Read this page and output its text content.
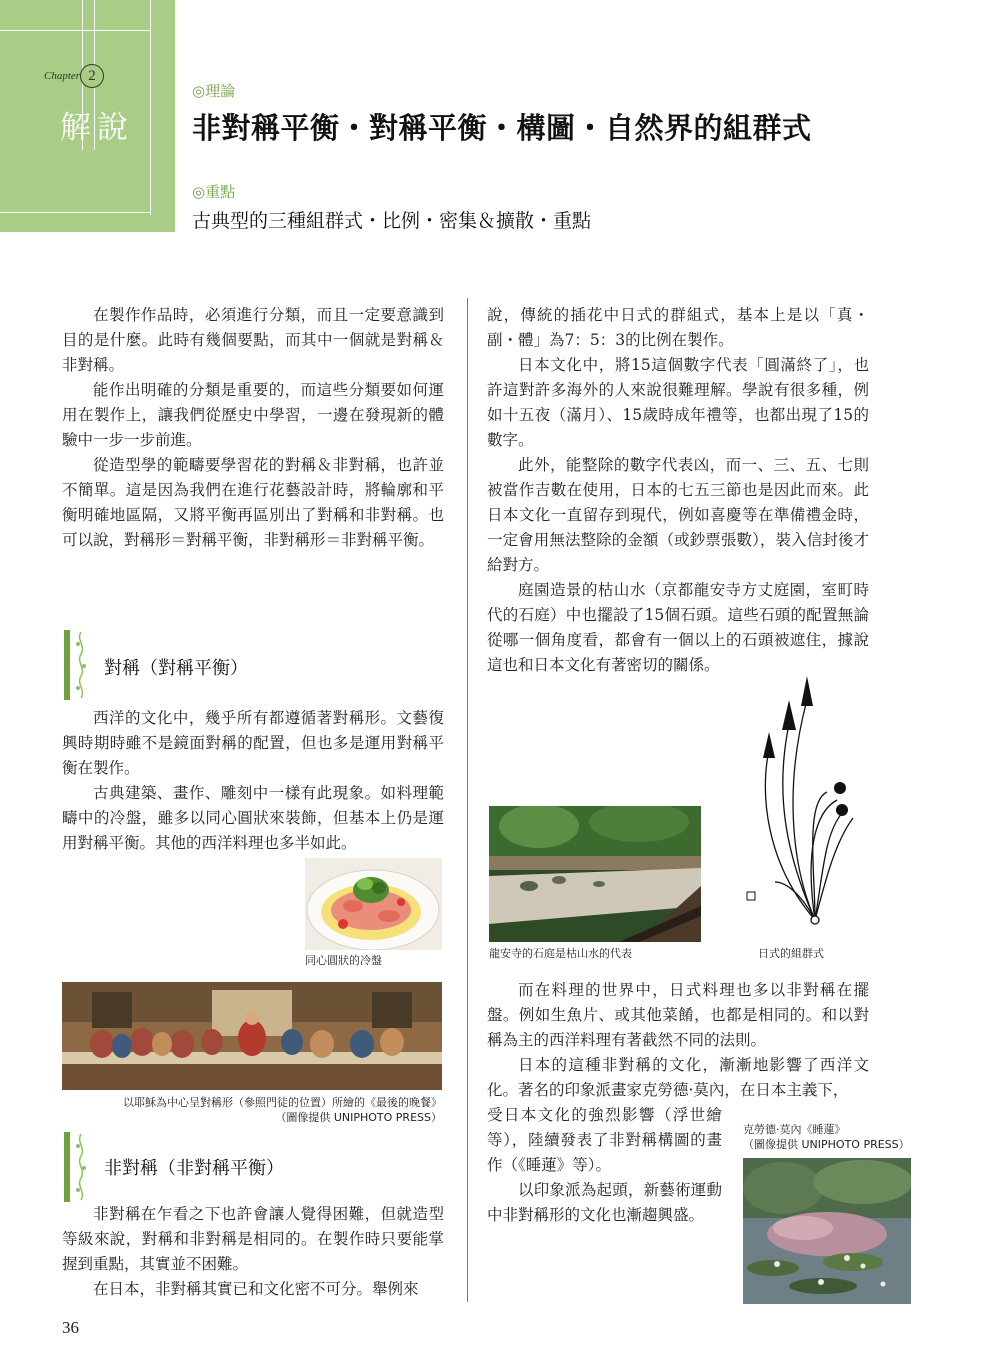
Chapter 2
解說
◎理論
非對稱平衡・對稱平衡・構圖・自然界的組群式
◎重點
古典型的三種組群式・比例・密集＆擴散・重點

在製作作品時，必須進行分類，而且一定要意識到目的是什麼。此時有幾個要點，而其中一個就是對稱＆非對稱。

能作出明確的分類是重要的，而這些分類要如何運用在製作上，讓我們從歷史中學習，一邊在發現新的體驗中一步一步前進。

從造型學的範疇要學習花的對稱＆非對稱，也許並不簡單。這是因為我們在進行花藝設計時，將輪廓和平衡明確地區隔，又將平衡再區別出了對稱和非對稱。也可以說，對稱形＝對稱平衡，非對稱形＝非對稱平衡。

對稱（對稱平衡）

西洋的文化中，幾乎所有都遵循著對稱形。文藝復興時期時雖不是鏡面對稱的配置，但也多是運用對稱平衡在製作。

古典建築、畫作、雕刻中一樣有此現象。如料理範疇中的冷盤，雖多以同心圓狀來裝飾，但基本上仍是運用對稱平衡。其他的西洋料理也多半如此。

同心圓狀的冷盤
以耶穌為中心呈對稱形（參照門徒的位置）所繪的《最後的晚餐》
（圖像提供 UNIPHOTO PRESS）
非對稱（非對稱平衡）

非對稱在乍看之下也許會讓人覺得困難，但就造型等級來說，對稱和非對稱是相同的。在製作時只要能掌握到重點，其實並不困難。

在日本，非對稱其實已和文化密不可分。舉例來

說，傳統的插花中日式的群組式，基本上是以「真・副・體」為7：5：3的比例在製作。

日本文化中，將15這個數字代表「圓滿終了」，也許這對許多海外的人來說很難理解。學說有很多種，例如十五夜（滿月）、15歲時成年禮等，也都出現了15的數字。

此外，能整除的數字代表凶，而一、三、五、七則被當作吉數在使用，日本的七五三節也是因此而來。此日本文化一直留存到現代，例如喜慶等在準備禮金時，一定會用無法整除的金額（或鈔票張數），裝入信封後才給對方。

庭園造景的枯山水（京都龍安寺方丈庭園，室町時代的石庭）中也擺設了15個石頭。這些石頭的配置無論從哪一個角度看，都會有一個以上的石頭被遮住，據說這也和日本文化有著密切的關係。

龍安寺的石庭是枯山水的代表	日式的組群式

而在料理的世界中，日式料理也多以非對稱在擺盤。例如生魚片、或其他菜餚，也都是相同的。和以對稱為主的西洋料理有著截然不同的法則。

日本的這種非對稱的文化，漸漸地影響了西洋文化。著名的印象派畫家克勞德·莫內，在日本主義下，

受日本文化的強烈影響（浮世繪等），陸續發表了非對稱構圖的畫作（《睡蓮》等）。

以印象派為起頭，新藝術運動中非對稱形的文化也漸趨興盛。

克勞德·莫內《睡蓮》
（圖像提供 UNIPHOTO PRESS）
36
